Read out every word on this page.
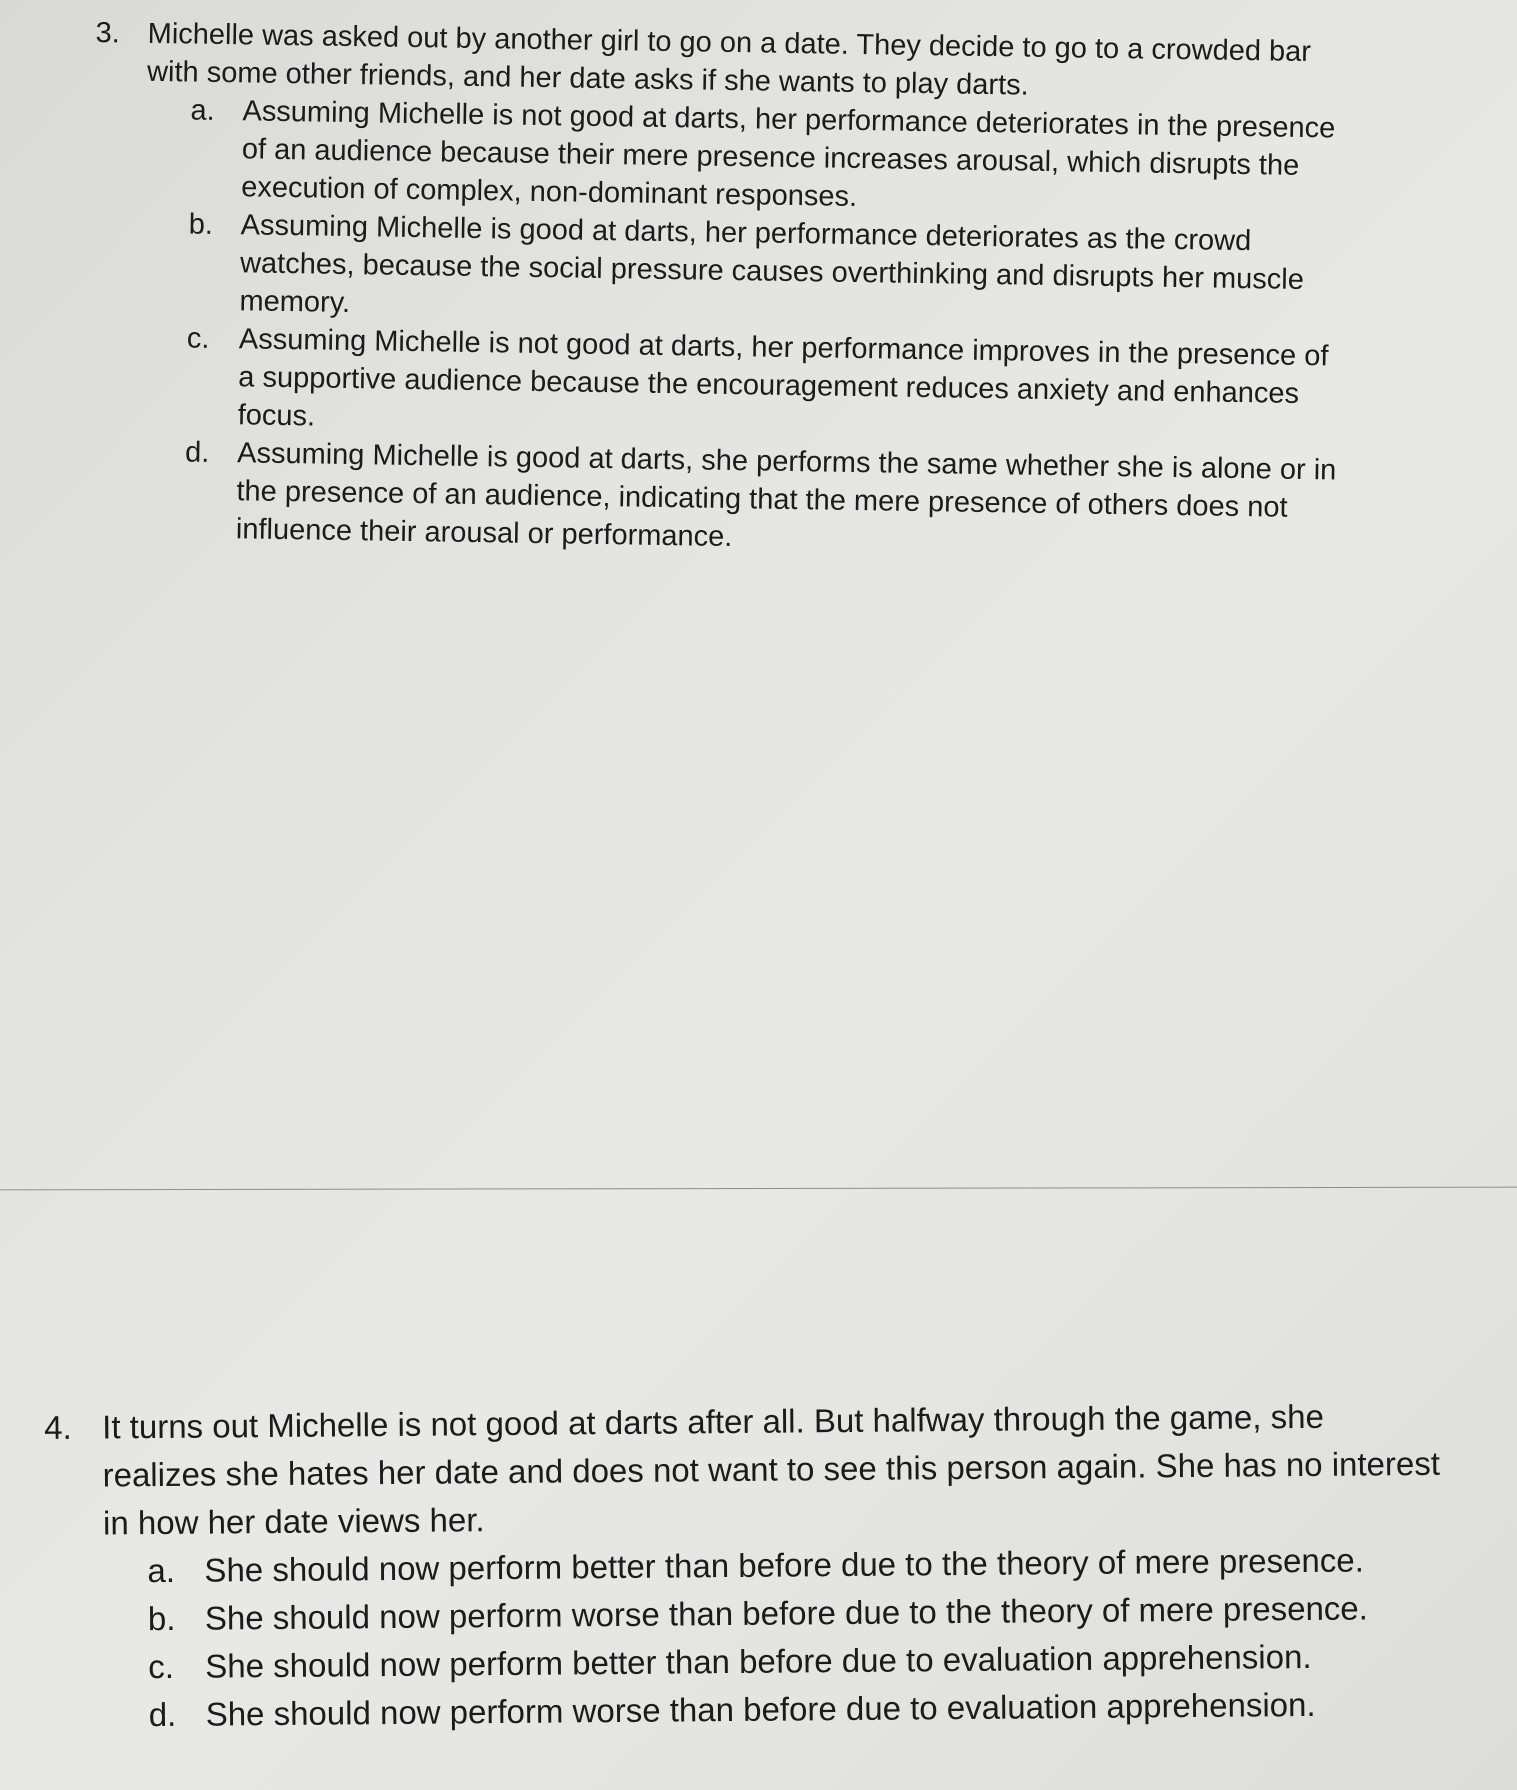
3. Michelle was asked out by another girl to go on a date. They decide to go to a crowded bar with some other friends, and her date asks if she wants to play darts.
a. Assuming Michelle is not good at darts, her performance deteriorates in the presence of an audience because their mere presence increases arousal, which disrupts the execution of complex, non-dominant responses.
b. Assuming Michelle is good at darts, her performance deteriorates as the crowd watches, because the social pressure causes overthinking and disrupts her muscle memory.
c. Assuming Michelle is not good at darts, her performance improves in the presence of a supportive audience because the encouragement reduces anxiety and enhances focus.
d. Assuming Michelle is good at darts, she performs the same whether she is alone or in the presence of an audience, indicating that the mere presence of others does not influence their arousal or performance.
4. It turns out Michelle is not good at darts after all. But halfway through the game, she realizes she hates her date and does not want to see this person again. She has no interest in how her date views her.
a. She should now perform better than before due to the theory of mere presence.
b. She should now perform worse than before due to the theory of mere presence.
c. She should now perform better than before due to evaluation apprehension.
d. She should now perform worse than before due to evaluation apprehension.
